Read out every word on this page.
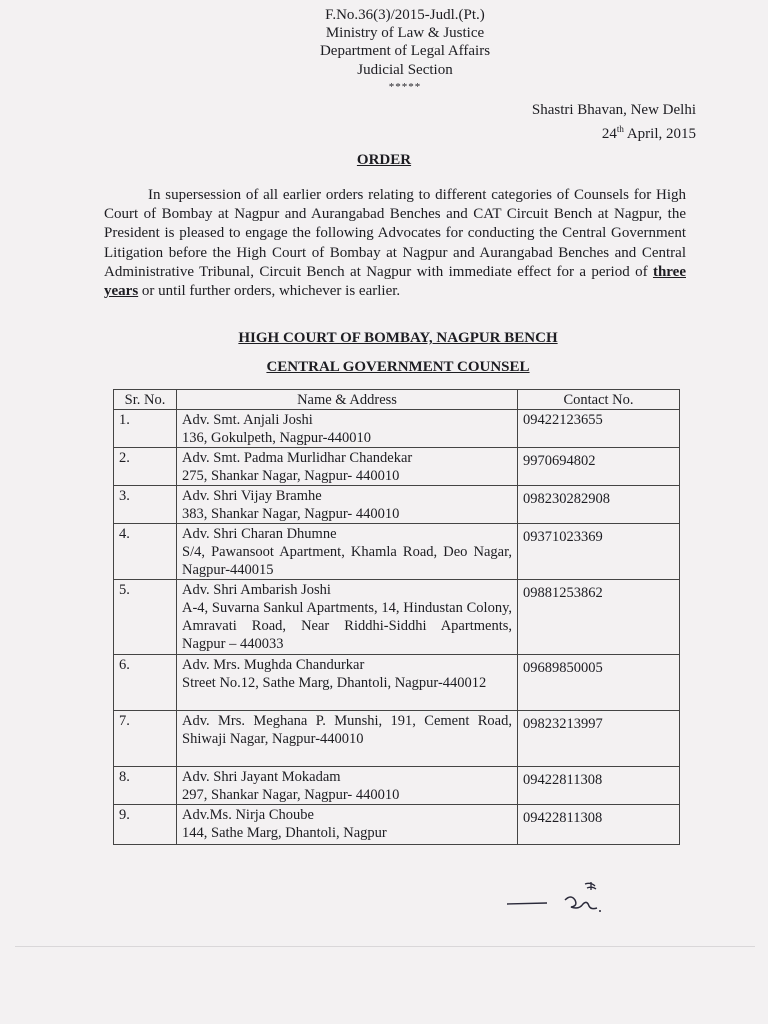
F.No.36(3)/2015-Judl.(Pt.)
Ministry of Law & Justice
Department of Legal Affairs
Judicial Section
*****
Shastri Bhavan, New Delhi
24th April, 2015
ORDER
In supersession of all earlier orders relating to different categories of Counsels for High Court of Bombay at Nagpur and Aurangabad Benches and CAT Circuit Bench at Nagpur, the President is pleased to engage the following Advocates for conducting the Central Government Litigation before the High Court of Bombay at Nagpur and Aurangabad Benches and Central Administrative Tribunal, Circuit Bench at Nagpur with immediate effect for a period of three years or until further orders, whichever is earlier.
HIGH COURT OF BOMBAY, NAGPUR BENCH
CENTRAL GOVERNMENT COUNSEL
Sr. No.	Name & Address	Contact No.
1.	Adv. Smt. Anjali Joshi
136, Gokulpeth, Nagpur-440010	09422123655
2.	Adv. Smt. Padma Murlidhar Chandekar
275, Shankar Nagar, Nagpur- 440010	9970694802
3.	Adv. Shri Vijay Bramhe
383, Shankar Nagar, Nagpur- 440010	098230282908
4.	Adv. Shri Charan Dhumne
S/4, Pawansoot Apartment, Khamla Road, Deo Nagar, Nagpur-440015	09371023369
5.	Adv. Shri Ambarish Joshi
A-4, Suvarna Sankul Apartments, 14, Hindustan Colony, Amravati Road, Near Riddhi-Siddhi Apartments, Nagpur – 440033	09881253862
6.	Adv. Mrs. Mughda Chandurkar
Street No.12, Sathe Marg, Dhantoli, Nagpur-440012	09689850005
7.	Adv. Mrs. Meghana P. Munshi, 191, Cement Road, Shiwaji Nagar, Nagpur-440010	09823213997
8.	Adv. Shri Jayant Mokadam
297, Shankar Nagar, Nagpur- 440010	09422811308
9.	Adv.Ms. Nirja Choube
144, Sathe Marg, Dhantoli, Nagpur	09422811308
